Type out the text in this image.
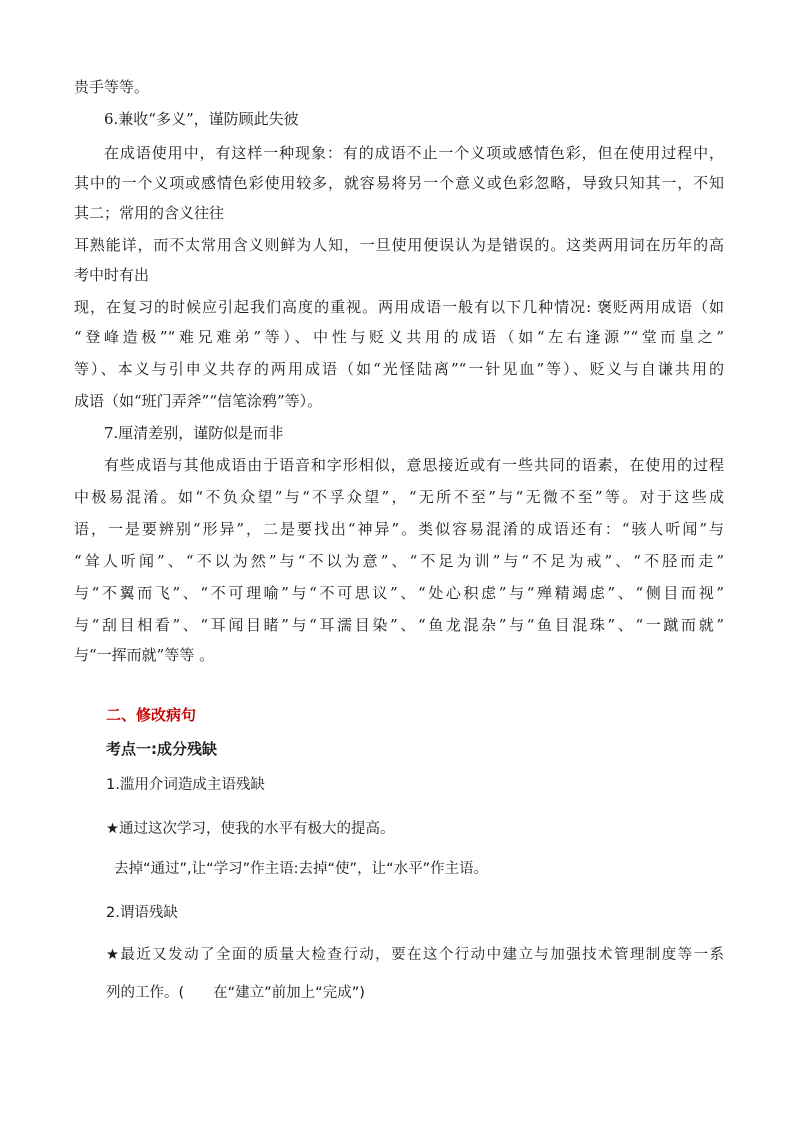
贵手等等。
6.兼收“多义”，谨防顾此失彼
在成语使用中，有这样一种现象：有的成语不止一个义项或感情色彩，但在使用过程中，
其中的一个义项或感情色彩使用较多，就容易将另一个意义或色彩忽略，导致只知其一，不知
其二；常用的含义往往
耳熟能详，而不太常用含义则鲜为人知，一旦使用便误认为是错误的。这类两用词在历年的高
考中时有出
现，在复习的时候应引起我们高度的重视。两用成语一般有以下几种情况: 褒贬两用成语（如
“登峰造极”“难兄难弟”等）、中性与贬义共用的成语（如“左右逢源”“堂而皇之”
等）、本义与引申义共存的两用成语（如“光怪陆离”“一针见血”等）、贬义与自谦共用的
成语（如“班门弄斧”“信笔涂鸦”等）。
7.厘清差别，谨防似是而非
有些成语与其他成语由于语音和字形相似，意思接近或有一些共同的语素，在使用的过程
中极易混淆。如“不负众望”与“不孚众望”，“无所不至”与“无微不至”等。对于这些成
语，一是要辨别“形异”，二是要找出“神异”。类似容易混淆的成语还有：“骇人听闻”与
“耸人听闻”、“不以为然”与“不以为意”、“不足为训”与“不足为戒”、“不胫而走”
与“不翼而飞”、“不可理喻”与“不可思议”、“处心积虑”与“殚精竭虑”、“侧目而视”
与“刮目相看”、“耳闻目睹”与“耳濡目染”、“鱼龙混杂”与“鱼目混珠”、“一蹴而就”
与“一挥而就”等等 。
二、修改病句
考点一:成分残缺
1.滥用介词造成主语残缺
★通过这次学习，使我的水平有极大的提高。
去掉“通过”,让“学习”作主语:去掉“使”，让“水平”作主语。
2.谓语残缺
★最近又发动了全面的质量大检查行动，要在这个行动中建立与加强技术管理制度等一系
列的工作。(　　在“建立”前加上“完成”)
